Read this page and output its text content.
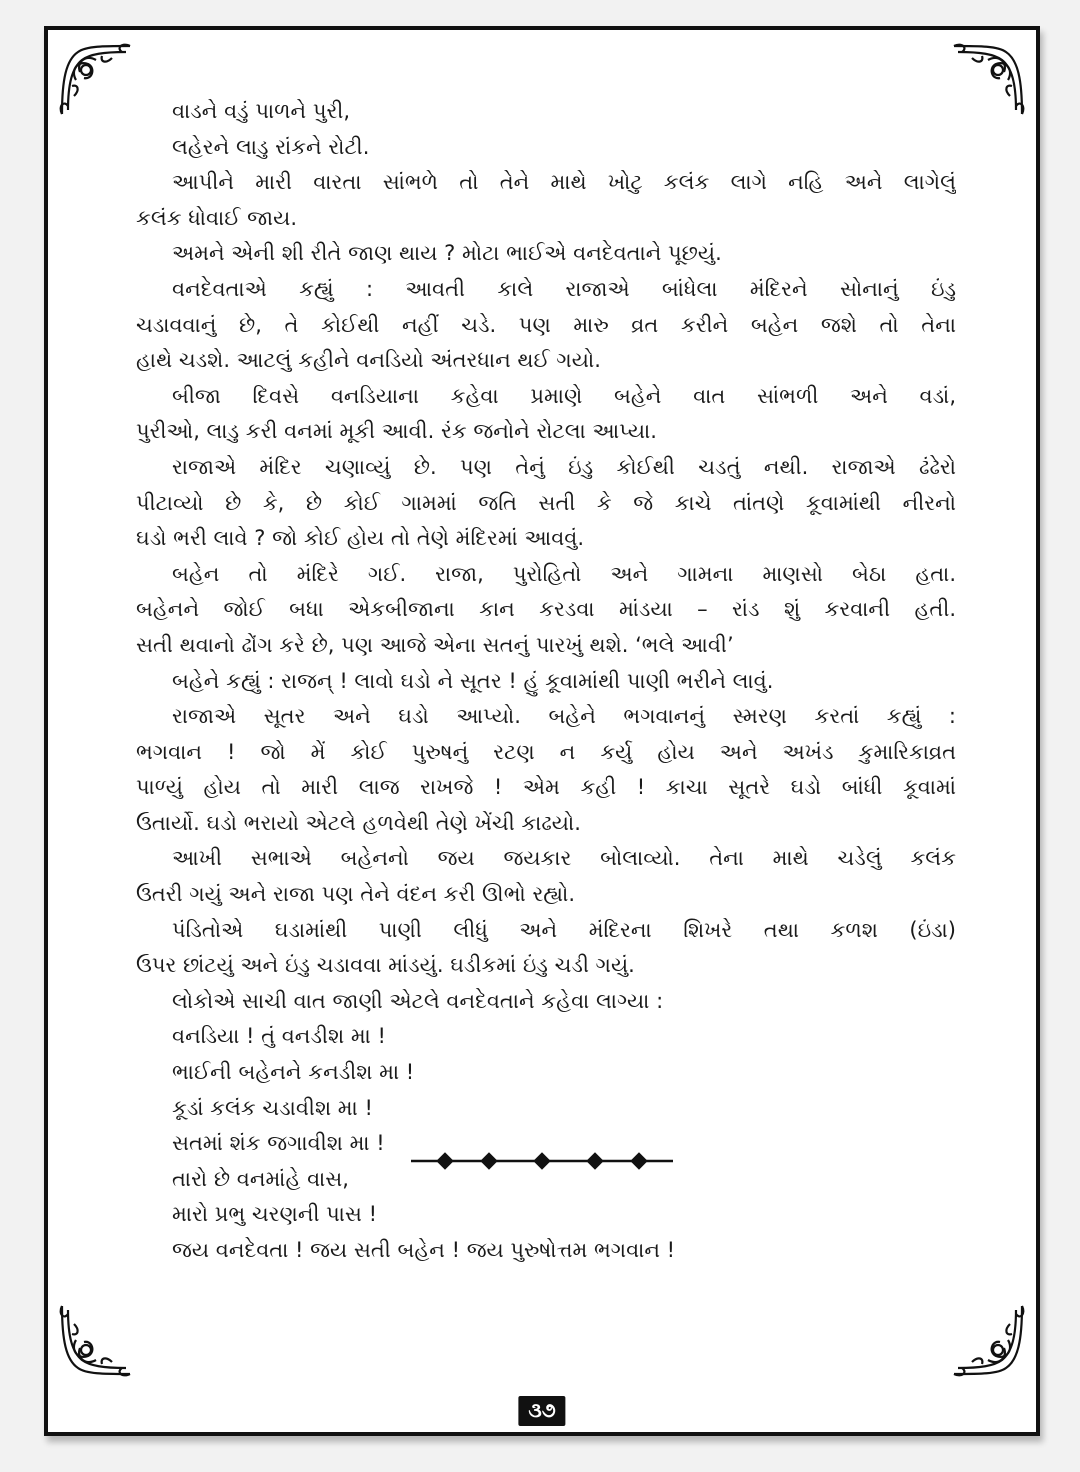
વાડને વડું પાળને પુરી,
લહેરને લાડુ રાંકને રોટી.
આપીને મારી વારતા સાંભળે તો તેને માથે ખોટુ કલંક લાગે નહિ અને લાગેલું
કલંક ધોવાઈ જાય.
અમને એની શી રીતે જાણ થાય ? મોટા ભાઈએ વનદેવતાને પૂછયું.
વનદેવતાએ કહ્યું : આવતી કાલે રાજાએ બાંધેલા મંદિરને સોનાનું ઇંડુ
ચડાવવાનું છે, તે કોઈથી નહીં ચડે. પણ મારુ વ્રત કરીને બહેન જશે તો તેના
હાથે ચડશે. આટલું કહીને વનડિયો અંતરધાન થઈ ગયો.
બીજા દિવસે વનડિયાના કહેવા પ્રમાણે બહેને વાત સાંભળી અને વડાં,
પુરીઓ, લાડુ કરી વનમાં મૂકી આવી. રંક જનોને રોટલા આપ્યા.
રાજાએ મંદિર ચણાવ્યું છે. પણ તેનું ઇંડુ કોઈથી ચડતું નથી. રાજાએ ઢંઢેરો
પીટાવ્યો છે કે, છે કોઈ ગામમાં જતિ સતી કે જે કાચે તાંતણે કૂવામાંથી નીરનો
ઘડો ભરી લાવે ? જો કોઈ હોય તો તેણે મંદિરમાં આવવું.
બહેન તો મંદિરે ગઈ. રાજા, પુરોહિતો અને ગામના માણસો બેઠા હતા.
બહેનને જોઈ બધા એકબીજાના કાન કરડવા માંડયા – રાંડ શું કરવાની હતી.
સતી થવાનો ઢોંગ કરે છે, પણ આજે એના સતનું પારખું થશે. ‘ભલે આવી’
બહેને કહ્યું : રાજન્ ! લાવો ઘડો ને સૂતર ! હું કૂવામાંથી પાણી ભરીને લાવું.
રાજાએ સૂતર અને ઘડો આપ્યો. બહેને ભગવાનનું સ્મરણ કરતાં કહ્યું :
ભગવાન ! જો મેં કોઈ પુરુષનું રટણ ન કર્યુ હોય અને અખંડ કુમારિકાવ્રત
પાળ્યું હોય તો મારી લાજ રાખજે ! એમ કહી ! કાચા સૂતરે ઘડો બાંધી કૂવામાં
ઉતાર્યો. ઘડો ભરાયો એટલે હળવેથી તેણે ખેંચી કાઢયો.
આખી સભાએ બહેનનો જય જયકાર બોલાવ્યો. તેના માથે ચડેલું કલંક
ઉતરી ગયું અને રાજા પણ તેને વંદન કરી ઊભો રહ્યો.
પંડિતોએ ઘડામાંથી પાણી લીધું અને મંદિરના શિખરે તથા કળશ (ઇંડા)
ઉપર છાંટયું અને ઇંડુ ચડાવવા માંડયું. ઘડીકમાં ઇંડુ ચડી ગયું.
લોકોએ સાચી વાત જાણી એટલે વનદેવતાને કહેવા લાગ્યા :
વનડિયા ! તું વનડીશ મા !
ભાઈની બહેનને કનડીશ મા !
કૂડાં કલંક ચડાવીશ મા !
સતમાં શંક જગાવીશ મા !
તારો છે વનમાંહે વાસ,
મારો પ્રભુ ચરણની પાસ !
જય વનદેવતા ! જય સતી બહેન ! જય પુરુષોત્તમ ભગવાન !
૩૭
